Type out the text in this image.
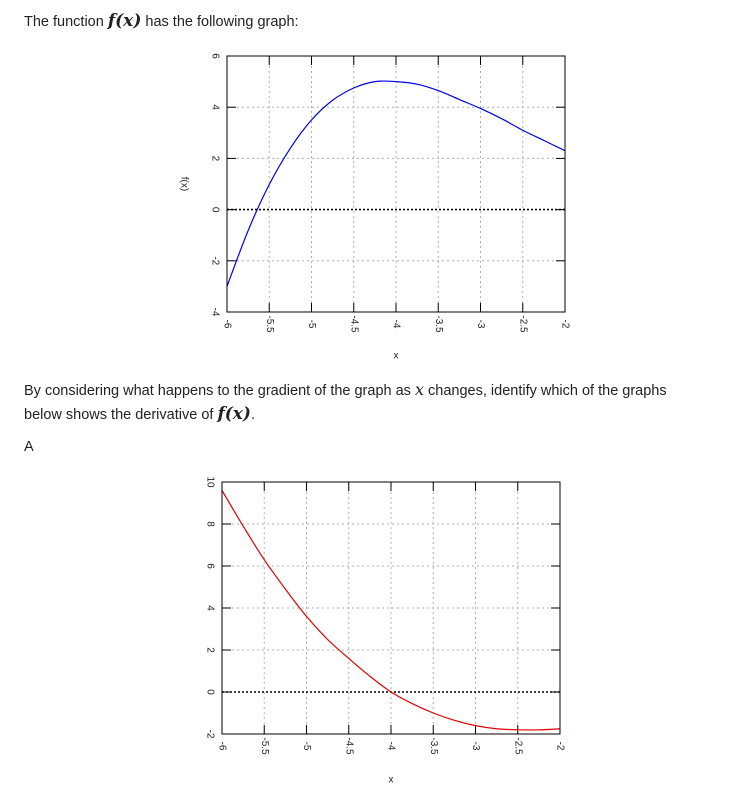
The function f(x) has the following graph:
-6	-5.5	-5	-4.5	-4	-3.5	-3	-2.5	-2
-4
-2
0
2
4
6
x
f(x)
By considering what happens to the gradient of the graph as x changes, identify which of the graphs
below shows the derivative of f(x).
A
-6	-5.5	-5	-4.5	-4	-3.5	-3	-2.5	-2
-2
0
2
4
6
8
10
x
